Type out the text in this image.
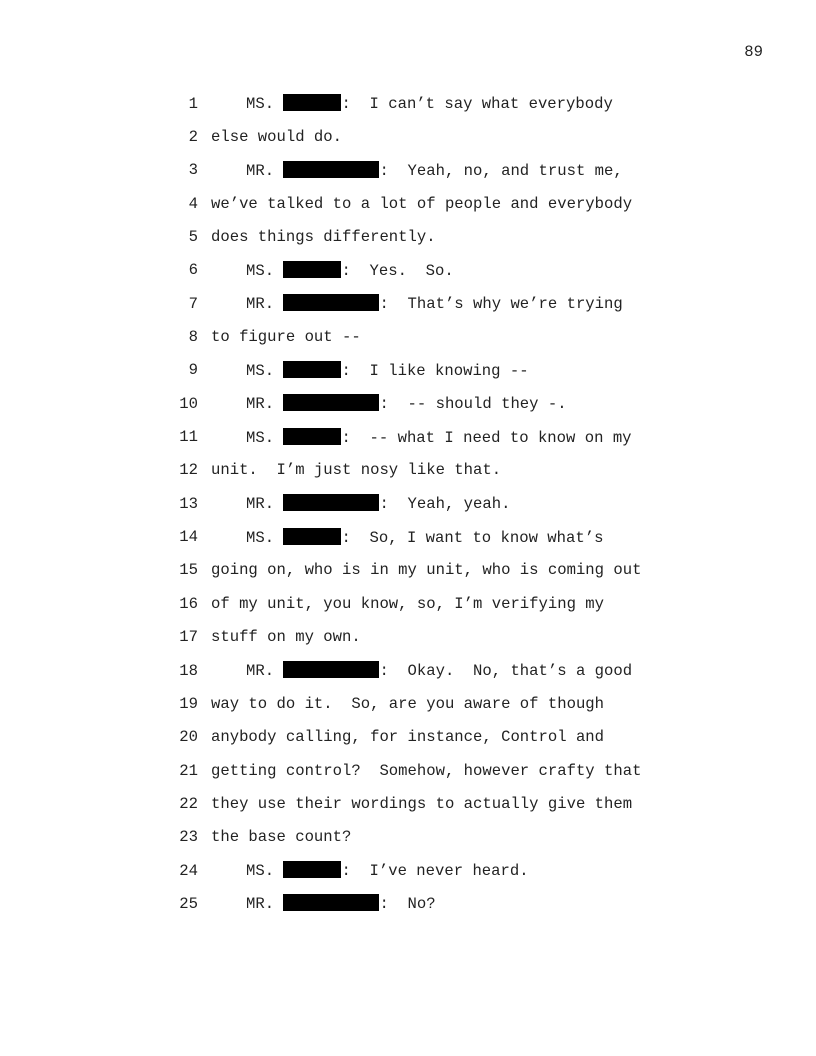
89
1	MS.	:  I can’t say what everybody
2 else would do.
3	MR.	:  Yeah, no, and trust me,
4 we’ve talked to a lot of people and everybody
5 does things differently.
6	MS.	:  Yes.  So.
7	MR.	:  That’s why we’re trying
8 to figure out --
9	MS.	:  I like knowing --
10	MR.	:  -- should they -.
11	MS.	:  -- what I need to know on my
12 unit.  I’m just nosy like that.
13	MR.	:  Yeah, yeah.
14	MS.	:  So, I want to know what’s
15 going on, who is in my unit, who is coming out
16 of my unit, you know, so, I’m verifying my
17 stuff on my own.
18	MR.	:  Okay.  No, that’s a good
19 way to do it.  So, are you aware of though
20 anybody calling, for instance, Control and
21 getting control?  Somehow, however crafty that
22 they use their wordings to actually give them
23 the base count?
24	MS.	:  I’ve never heard.
25	MR.	:  No?
